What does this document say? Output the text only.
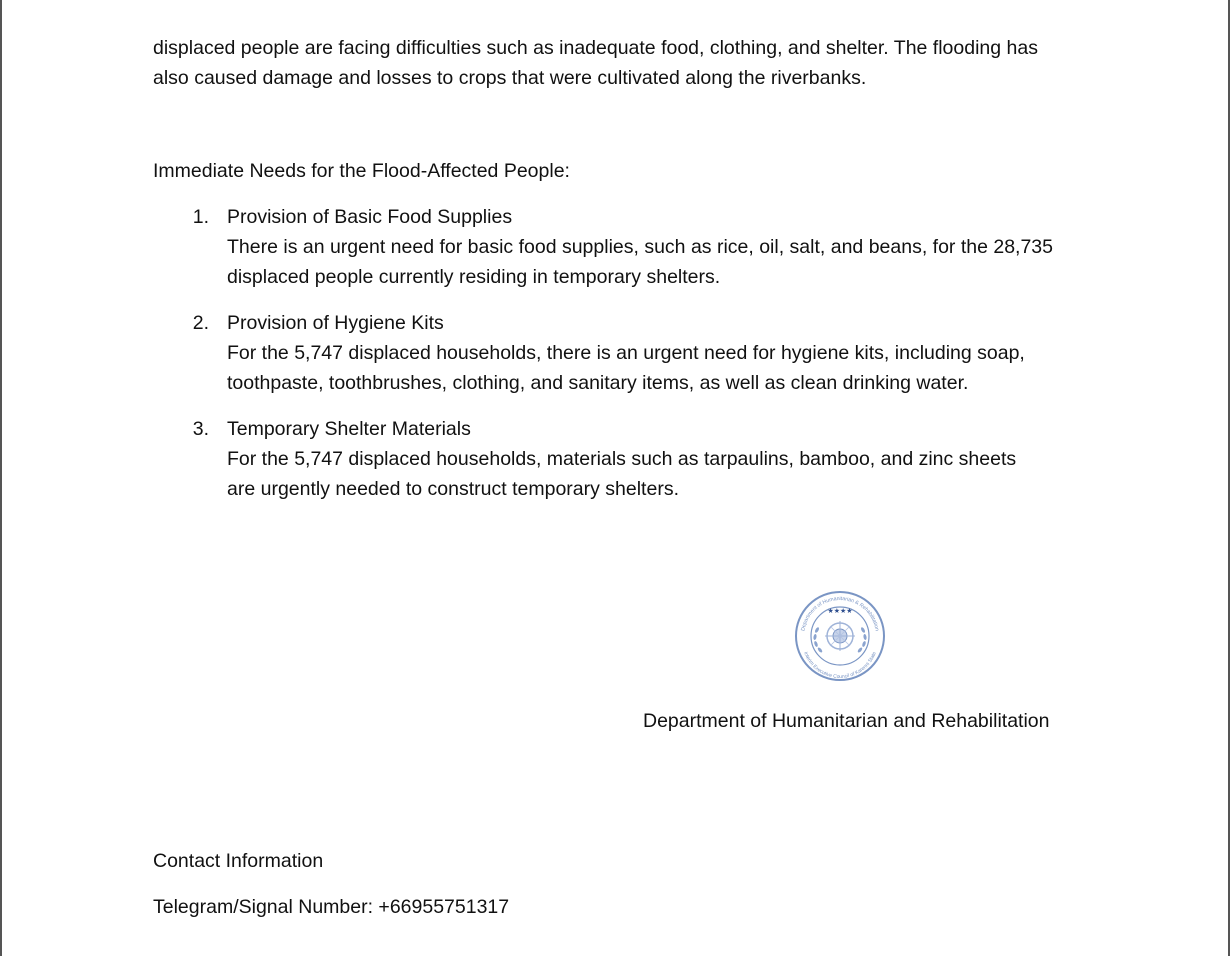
displaced people are facing difficulties such as inadequate food, clothing, and shelter. The flooding has
also caused damage and losses to crops that were cultivated along the riverbanks.
Immediate Needs for the Flood-Affected People:
1. Provision of Basic Food Supplies
There is an urgent need for basic food supplies, such as rice, oil, salt, and beans, for the 28,735
displaced people currently residing in temporary shelters.
2. Provision of Hygiene Kits
For the 5,747 displaced households, there is an urgent need for hygiene kits, including soap,
toothpaste, toothbrushes, clothing, and sanitary items, as well as clean drinking water.
3. Temporary Shelter Materials
For the 5,747 displaced households, materials such as tarpaulins, bamboo, and zinc sheets
are urgently needed to construct temporary shelters.
Department of Humanitarian & Rehabilitation
Interim Executive Council of Karenni State
★★★★
Department of Humanitarian and Rehabilitation
Contact Information
Telegram/Signal Number: +66955751317
